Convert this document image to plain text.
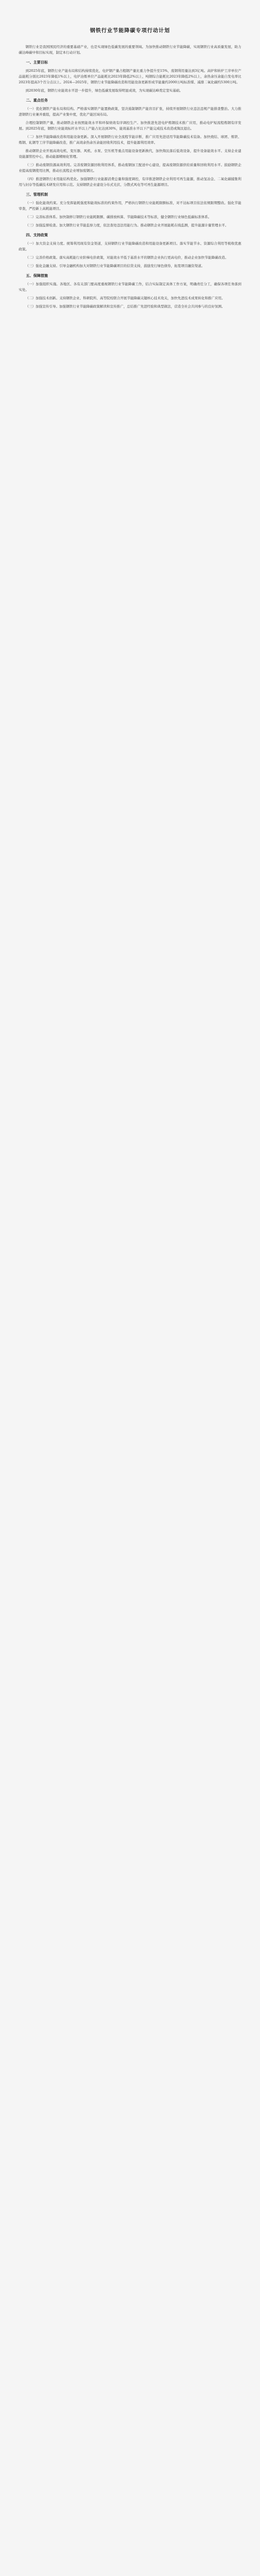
钢铁行业节能降碳专项行动计划

钢铁行业是我国国民经济的重要基础产业，也是实现绿色低碳发展的重要领域。为加快推动钢铁行业节能降碳，实现钢铁行业高质量发展，助力碳达峰碳中和目标实现，制定本行动计划。

一、主要目标

到2025年底，钢铁行业产能布局和结构持续优化，电炉钢产量占粗钢产量比重力争提升至15%，废钢利用量达到3亿吨。高炉和转炉工序单位产品能耗分别比2023年降低1%以上，电炉冶炼单位产品能耗比2023年降低2%以上，吨钢综合能耗比2023年降低2%以上，余热余压余能自发电率比2023年提高3个百分点以上。2024—2025年，钢铁行业节能降碳改造和用能设备更新形成节能量约2000万吨标准煤、减排二氧化碳约5300万吨。

到2030年底，钢铁行业能效水平进一步提升，绿色低碳发展取得明显成效，为实现碳达峰奠定坚实基础。

二、重点任务

（一）优化钢铁产能布局和结构。严格落实钢铁产能置换政策，坚决遏制钢铁产能盲目扩张，持续开展钢铁行业违法违规产能排查整治。大力推进钢铁行业兼并重组，提高产业集中度，优化产能区域布局。

合理控制钢铁产量，推动钢铁企业按照能效水平和环保绩效有序调控生产。加快推进先进电炉炼钢技术推广应用，推动电炉短流程炼钢有序发展。到2025年底，钢铁行业能效标杆水平以上产能占比达到30%，能效基准水平以下产能完成技术改造或淘汰退出。

（二）加快节能降碳改造和用能设备更新。深入开展钢铁行业全流程节能诊断，推广应用先进适用节能降碳技术装备。加快烧结、球团、炼铁、炼钢、轧钢等工序节能降碳改造，推广高效余热余压余能回收利用技术，提升能源利用效率。

推动钢铁企业开展高效电机、变压器、风机、水泵、空压机等重点用能设备更新换代，加快淘汰落后低效设备，提升设备能效水平。支持企业建设能源管控中心，推动能源精细化管理。

（三）推动废钢资源高效利用。完善废钢资源回收利用体系，推动废钢加工配送中心建设，提高废钢资源供给质量和回收利用水平。鼓励钢铁企业提高废钢使用比例，推动长流程企业增加废钢比。

（四）推进钢铁行业用能结构优化。加强钢铁行业能源消费总量和强度调控，有序推进钢铁企业利用可再生能源，推动氢冶金、二氧化碳捕集利用与封存等低碳技术研发应用和示范。支持钢铁企业建设分布式光伏、分散式风电等可再生能源项目。

三、管理机制

（一）强化能效约束。充分发挥能耗强度和能效标准的约束作用，严格执行钢铁行业能耗限额标准，对不达标项目依法依规限期整改。强化节能审查，严控新上高耗能项目。

（二）完善标准体系。加快制修订钢铁行业能耗限额、碳排放核算、节能降碳技术等标准，健全钢铁行业绿色低碳标准体系。

（三）加强监督检查。加大钢铁行业节能监察力度，依法查处违法用能行为。推动钢铁企业开展能耗在线监测，提升能源计量管理水平。

四、支持政策

（一）加大资金支持力度。统筹利用现有资金渠道，支持钢铁行业节能降碳改造和用能设备更新项目。落实节能节水、资源综合利用等税收优惠政策。

（二）完善价格政策。落实高耗能行业阶梯电价政策，对能效水平低于基准水平的钢铁企业执行更高电价，推动企业加快节能降碳改造。

（三）强化金融支持。引导金融机构加大对钢铁行业节能降碳项目的信贷支持，鼓励发行绿色债券，拓宽项目融资渠道。

五、保障措施

（一）加强组织实施。各地区、各有关部门要高度重视钢铁行业节能降碳工作，结合实际制定具体工作方案，明确责任分工，确保各项任务落到实处。

（二）加强技术创新。支持钢铁企业、科研院所、高等院校联合开展节能降碳关键核心技术攻关，加快先进技术成果转化和推广应用。

（三）加强宣传引导。加强钢铁行业节能降碳政策解读和宣传推广，总结推广先进经验和典型做法，营造全社会共同参与的良好氛围。
